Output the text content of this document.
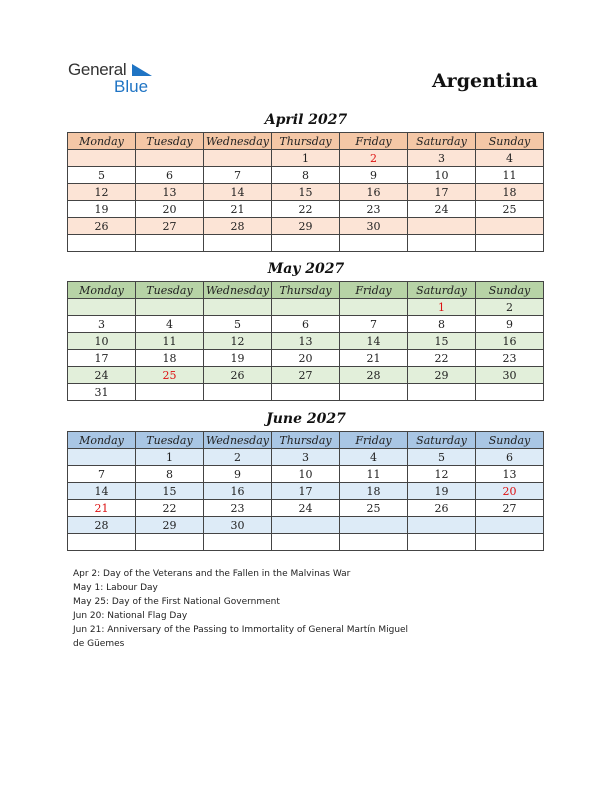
General
Blue	Argentina
April 2027
Monday	Tuesday	Wednesday	Thursday	Friday	Saturday	Sunday
			1	2	3	4
5	6	7	8	9	10	11
12	13	14	15	16	17	18
19	20	21	22	23	24	25
26	27	28	29	30		

May 2027
Monday	Tuesday	Wednesday	Thursday	Friday	Saturday	Sunday
					1	2
3	4	5	6	7	8	9
10	11	12	13	14	15	16
17	18	19	20	21	22	23
24	25	26	27	28	29	30
31						
June 2027
Monday	Tuesday	Wednesday	Thursday	Friday	Saturday	Sunday
	1	2	3	4	5	6
7	8	9	10	11	12	13
14	15	16	17	18	19	20
21	22	23	24	25	26	27
28	29	30				

Apr 2: Day of the Veterans and the Fallen in the Malvinas War
May 1: Labour Day
May 25: Day of the First National Government
Jun 20: National Flag Day
Jun 21: Anniversary of the Passing to Immortality of General Martín Miguel
de Güemes
